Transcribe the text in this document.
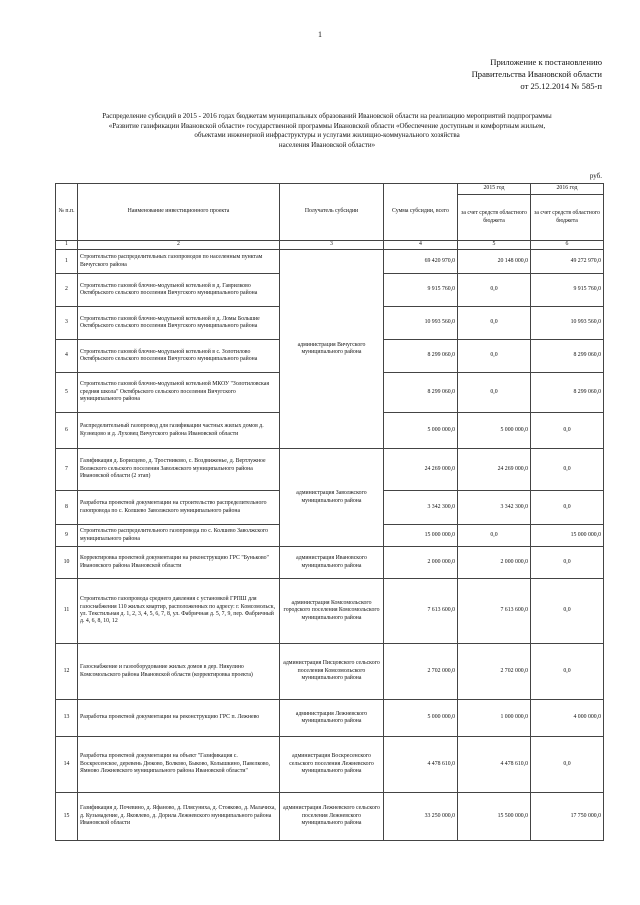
1
Приложение к постановлению
Правительства Ивановской области
от 25.12.2014 № 585-п
Распределение субсидий в 2015 - 2016 годах бюджетам муниципальных образований Ивановской области на реализацию мероприятий подпрограммы
«Развитие газификации Ивановской области» государственной программы Ивановской области «Обеспечение доступным и комфортным жильем,
объектами инженерной инфраструктуры и услугами жилищно-коммунального хозяйства
населения Ивановской области»
руб.
№ п.п.	Наименование инвестиционного проекта	Получатель субсидии	Сумма субсидии, всего	2015 год	2016 год
				за счет средств областного бюджета	за счет средств областного бюджета
1	2	3	4	5	6
1	Строительство распределительных газопроводов по населенным пунктам Вичугского района	администрация Вичугского муниципального района	69 420 970,0	20 148 000,0	49 272 970,0
2	Строительство газовой блочно-модульной котельной в д. Гаврилково Октябрьского сельского поселения Вичугского муниципального района		9 915 760,0	0,0	9 915 760,0
3	Строительство газовой блочно-модульной котельной в д. Ломы Большие Октябрьского сельского поселения Вичугского муниципального района		10 993 560,0	0,0	10 993 560,0
4	Строительство газовой блочно-модульной котельной в с. Золотилово Октябрьского сельского поселения Вичугского муниципального района		8 299 060,0	0,0	8 299 060,0
5	Строительство газовой блочно-модульной котельной МКОУ "Золотиловская средняя школа" Октябрьского сельского поселения Вичугского муниципального района		8 299 060,0	0,0	8 299 060,0
6	Распределительный газопровод для газификации частных жилых домов д. Кузнецово и д. Луховец Вичугского района Ивановской области		5 000 000,0	5 000 000,0	0,0
7	Газификация д. Борисцево, д. Тростниково, с. Воздвиженье, д. Вертлужное Волжского сельского поселения Заволжского муниципального района Ивановской области (2 этап)	администрация Заволжского муниципального района	24 269 000,0	24 269 000,0	0,0
8	Разработка проектной документации на строительство распределительного газопровода по с. Колшево Заволжского муниципального района		3 342 300,0	3 342 300,0	0,0
9	Строительство распределительного газопровода по с. Колшево Заволжского муниципального района		15 000 000,0	0,0	15 000 000,0
10	Корректировка проектной документации на реконструкцию ГРС "Буньково" Ивановского района Ивановской области	администрация Ивановского муниципального района	2 000 000,0	2 000 000,0	0,0
11	Строительство газопровода среднего давления с установкой ГРПШ для газоснабжения 110 жилых квартир, расположенных по адресу: г. Комсомольск, ул. Текстильная д. 1, 2, 3, 4, 5, 6, 7, 8, ул. Фабричная д. 5, 7, 9, пер. Фабричный д. 4, 6, 8, 10, 12	администрация Комсомольского городского поселения Комсомольского муниципального района	7 613 600,0	7 613 600,0	0,0
12	Газоснабжение и газооборудование жилых домов в дер. Никулино Комсомольского района Ивановской области (корректировка проекта)	администрация Писцовского сельского поселения Комсомольского муниципального района	2 702 000,0	2 702 000,0	0,0
13	Разработка проектной документации на реконструкцию ГРС п. Лежнево	администрация Лежневского муниципального района	5 000 000,0	1 000 000,0	4 000 000,0
14	Разработка проектной документации на объект "Газификация с. Воскресенское, деревень Дюково, Волково, Быково, Колышкино, Павелково, Ямново Лежневского муниципального района Ивановской области"	администрация Воскресенского сельского поселения Лежневского муниципального района	4 478 610,0	4 478 610,0	0,0
15	Газификация д. Почевино, д. Яфаново, д. Плясуниха, д. Стояково, д. Малачиха, д. Кузьмадение, д. Яковлево, д. Дорила Лежневского муниципального района Ивановской области	администрация Лежневского сельского поселения Лежневского муниципального района	33 250 000,0	15 500 000,0	17 750 000,0
